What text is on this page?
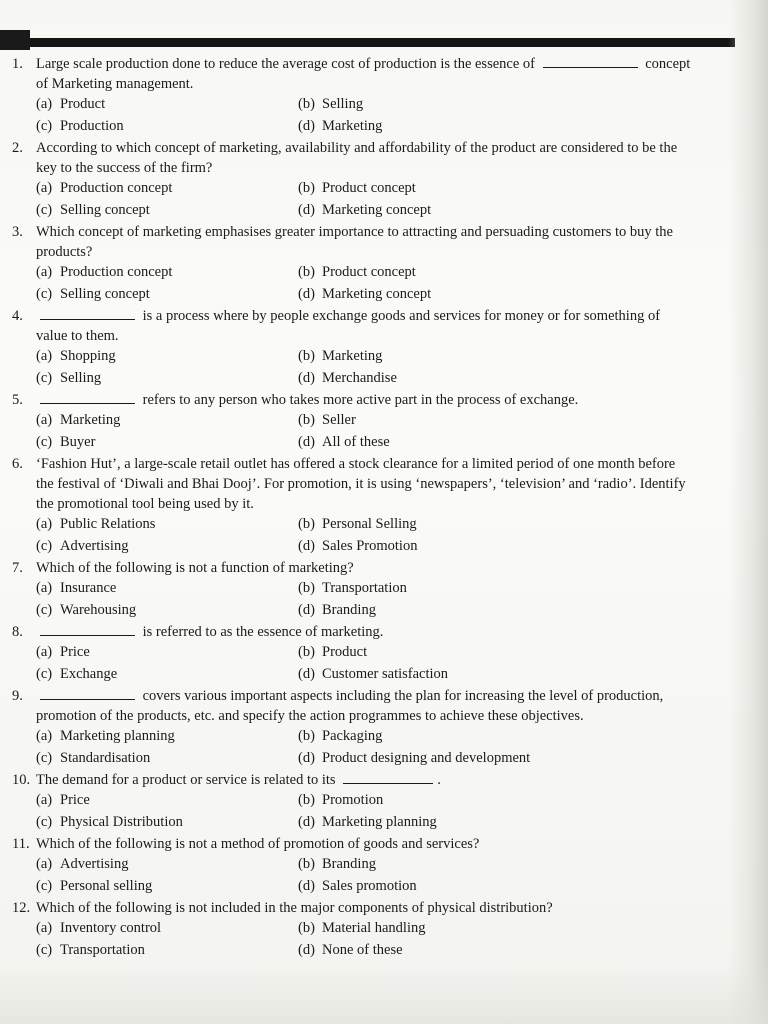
1. Large scale production done to reduce the average cost of production is the essence of	concept of Marketing management.
(a) Product	(b) Selling
(c) Production	(d) Marketing
2. According to which concept of marketing, availability and affordability of the product are considered to be the key to the success of the firm?
(a) Production concept	(b) Product concept
(c) Selling concept	(d) Marketing concept
3. Which concept of marketing emphasises greater importance to attracting and persuading customers to buy the products?
(a) Production concept	(b) Product concept
(c) Selling concept	(d) Marketing concept
4.	is a process where by people exchange goods and services for money or for something of value to them.
(a) Shopping	(b) Marketing
(c) Selling	(d) Merchandise
5.	refers to any person who takes more active part in the process of exchange.
(a) Marketing	(b) Seller
(c) Buyer	(d) All of these
6. ‘Fashion Hut’, a large-scale retail outlet has offered a stock clearance for a limited period of one month before the festival of ‘Diwali and Bhai Dooj’. For promotion, it is using ‘newspapers’, ‘television’ and ‘radio’. Identify the promotional tool being used by it.
(a) Public Relations	(b) Personal Selling
(c) Advertising	(d) Sales Promotion
7. Which of the following is not a function of marketing?
(a) Insurance	(b) Transportation
(c) Warehousing	(d) Branding
8.	is referred to as the essence of marketing.
(a) Price	(b) Product
(c) Exchange	(d) Customer satisfaction
9.	covers various important aspects including the plan for increasing the level of production, promotion of the products, etc. and specify the action programmes to achieve these objectives.
(a) Marketing planning	(b) Packaging
(c) Standardisation	(d) Product designing and development
10. The demand for a product or service is related to its	.
(a) Price	(b) Promotion
(c) Physical Distribution	(d) Marketing planning
11. Which of the following is not a method of promotion of goods and services?
(a) Advertising	(b) Branding
(c) Personal selling	(d) Sales promotion
12. Which of the following is not included in the major components of physical distribution?
(a) Inventory control	(b) Material handling
(c) Transportation	(d) None of these
